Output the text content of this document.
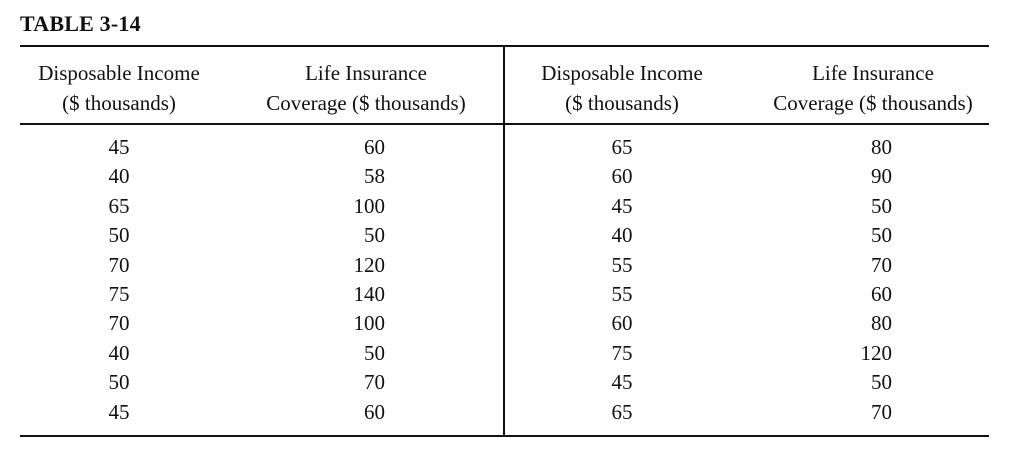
TABLE 3-14
Disposable Income
($ thousands)
Life Insurance
Coverage ($ thousands)
Disposable Income
($ thousands)
Life Insurance
Coverage ($ thousands)
45
40
65
50
70
75
70
40
50
45
60
58
100
50
120
140
100
50
70
60
65
60
45
40
55
55
60
75
45
65
80
90
50
50
70
60
80
120
50
70
